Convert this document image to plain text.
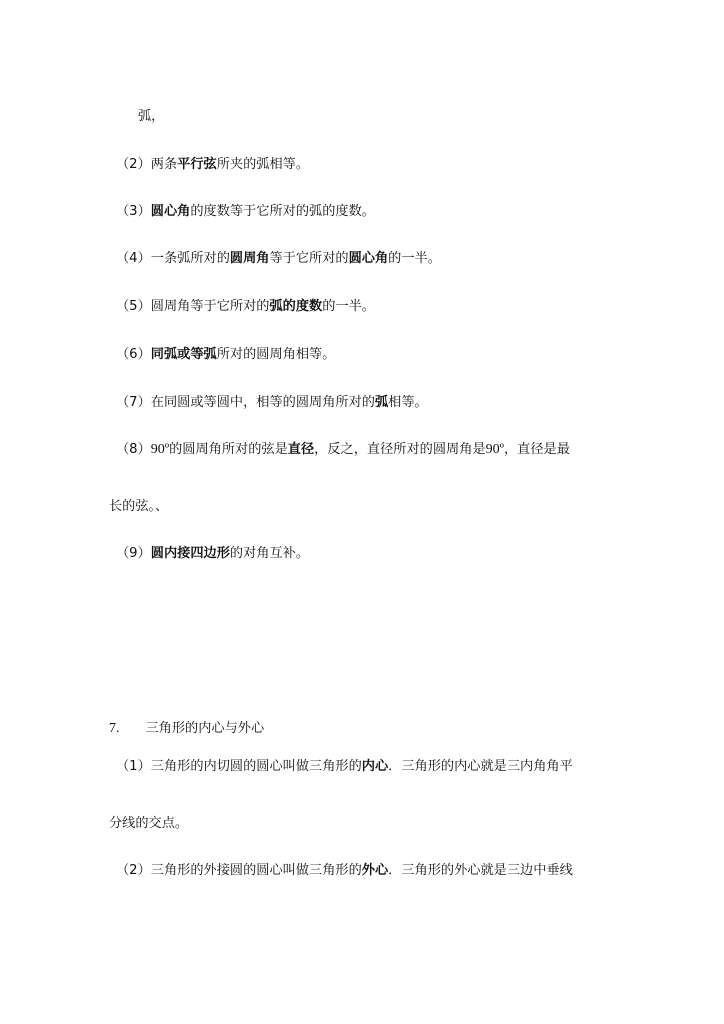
弧，

（2）两条平行弦所夹的弧相等。

（3）圆心角的度数等于它所对的弧的度数。

（4）一条弧所对的圆周角等于它所对的圆心角的一半。

（5）圆周角等于它所对的弧的度数的一半。

（6）同弧或等弧所对的圆周角相等。

（7）在同圆或等圆中，相等的圆周角所对的弧相等。

（8）90º的圆周角所对的弦是直径，反之，直径所对的圆周角是90º，直径是最

长的弦。、

（9）圆内接四边形的对角互补。

7. 三角形的内心与外心

（1）三角形的内切圆的圆心叫做三角形的内心．三角形的内心就是三内角角平

分线的交点。

（2）三角形的外接圆的圆心叫做三角形的外心．三角形的外心就是三边中垂线
